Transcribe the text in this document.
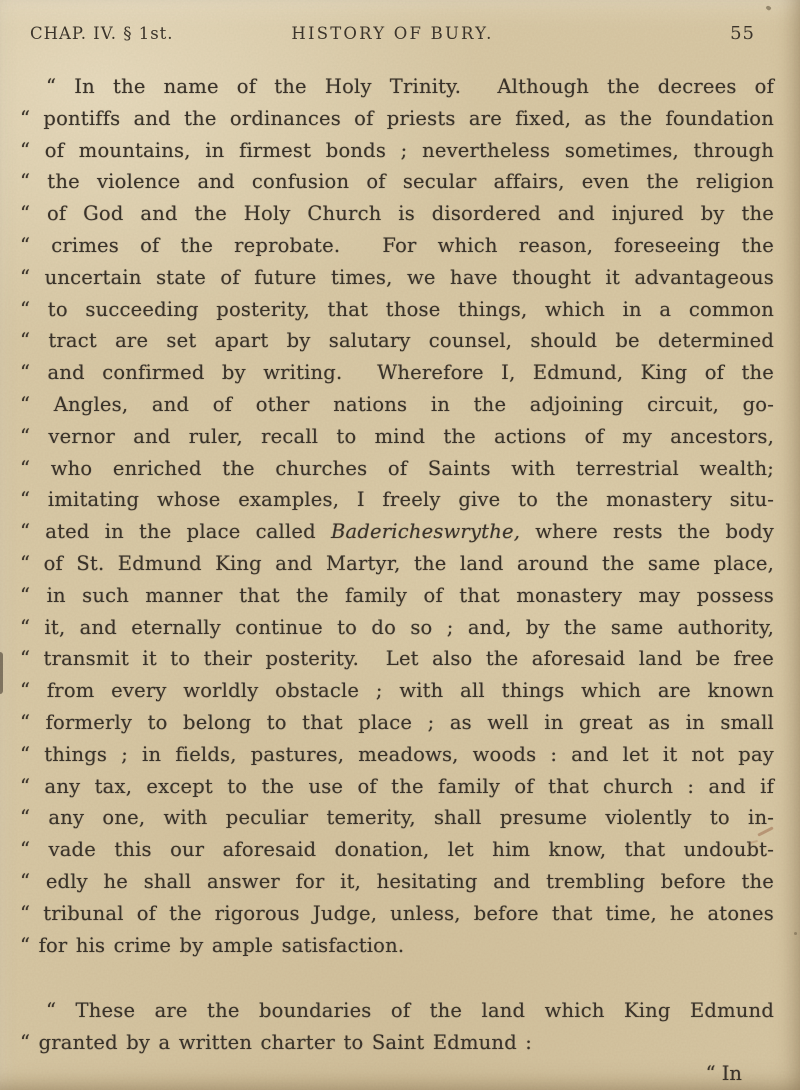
CHAP. IV. § 1st.	HISTORY OF BURY.	55
“ In the name of the Holy Trinity.  Although the decrees of
“ pontiffs and the ordinances of priests are fixed, as the foundation
“ of mountains, in firmest bonds ; nevertheless sometimes, through
“ the violence and confusion of secular affairs, even the religion
“ of God and the Holy Church is disordered and injured by the
“ crimes of the reprobate.  For which reason, foreseeing the
“ uncertain state of future times, we have thought it advantageous
“ to succeeding posterity, that those things, which in a common
“ tract are set apart by salutary counsel, should be determined
“ and confirmed by writing.  Wherefore I, Edmund, King of the
“ Angles, and of other nations in the adjoining circuit, go-
“ vernor and ruler, recall to mind the actions of my ancestors,
“ who enriched the churches of Saints with terrestrial wealth;
“ imitating whose examples, I freely give to the monastery situ-
“ ated in the place called Badericheswrythe, where rests the body
“ of St. Edmund King and Martyr, the land around the same place,
“ in such manner that the family of that monastery may possess
“ it, and eternally continue to do so ; and, by the same authority,
“ transmit it to their posterity.  Let also the aforesaid land be free
“ from every worldly obstacle ; with all things which are known
“ formerly to belong to that place ; as well in great as in small
“ things ; in fields, pastures, meadows, woods : and let it not pay
“ any tax, except to the use of the family of that church : and if
“ any one, with peculiar temerity, shall presume violently to in-
“ vade this our aforesaid donation, let him know, that undoubt-
“ edly he shall answer for it, hesitating and trembling before the
“ tribunal of the rigorous Judge, unless, before that time, he atones
“ for his crime by ample satisfaction.
“ These are the boundaries of the land which King Edmund
“ granted by a written charter to Saint Edmund :
“ In
